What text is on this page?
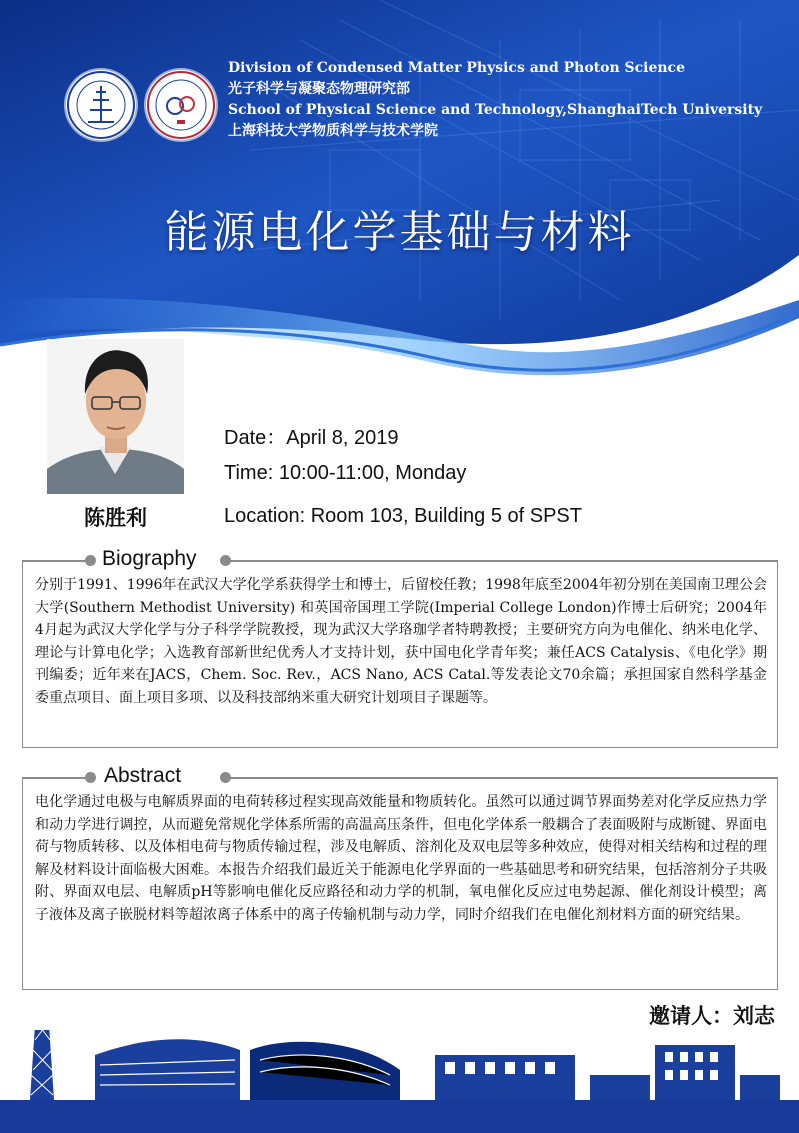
Division of Condensed Matter Physics and Photon Science
光子科学与凝聚态物理研究部
School of Physical Science and Technology,ShanghaiTech University
上海科技大学物质科学与技术学院
能源电化学基础与材料
陈胜利
Date：April 8, 2019
Time: 10:00-11:00, Monday
Location: Room 103, Building 5 of SPST
Biography
分别于1991、1996年在武汉大学化学系获得学士和博士，后留校任教；1998年底至2004年初分别在美国南卫理公会大学(Southern Methodist University) 和英国帝国理工学院(Imperial College London)作博士后研究；2004年4月起为武汉大学化学与分子科学学院教授，现为武汉大学珞珈学者特聘教授；主要研究方向为电催化、纳米电化学、理论与计算电化学；入选教育部新世纪优秀人才支持计划，获中国电化学青年奖；兼任ACS Catalysis、《电化学》期刊编委；近年来在JACS，Chem. Soc. Rev.，ACS Nano, ACS Catal.等发表论文70余篇；承担国家自然科学基金委重点项目、面上项目多项、以及科技部纳米重大研究计划项目子课题等。
Abstract
电化学通过电极与电解质界面的电荷转移过程实现高效能量和物质转化。虽然可以通过调节界面势差对化学反应热力学和动力学进行调控，从而避免常规化学体系所需的高温高压条件，但电化学体系一般耦合了表面吸附与成断键、界面电荷与物质转移、以及体相电荷与物质传输过程，涉及电解质、溶剂化及双电层等多种效应，使得对相关结构和过程的理解及材料设计面临极大困难。本报告介绍我们最近关于能源电化学界面的一些基础思考和研究结果，包括溶剂分子共吸附、界面双电层、电解质pH等影响电催化反应路径和动力学的机制，氧电催化反应过电势起源、催化剂设计模型；离子液体及离子嵌脱材料等超浓离子体系中的离子传输机制与动力学，同时介绍我们在电催化剂材料方面的研究结果。
邀请人：刘志
